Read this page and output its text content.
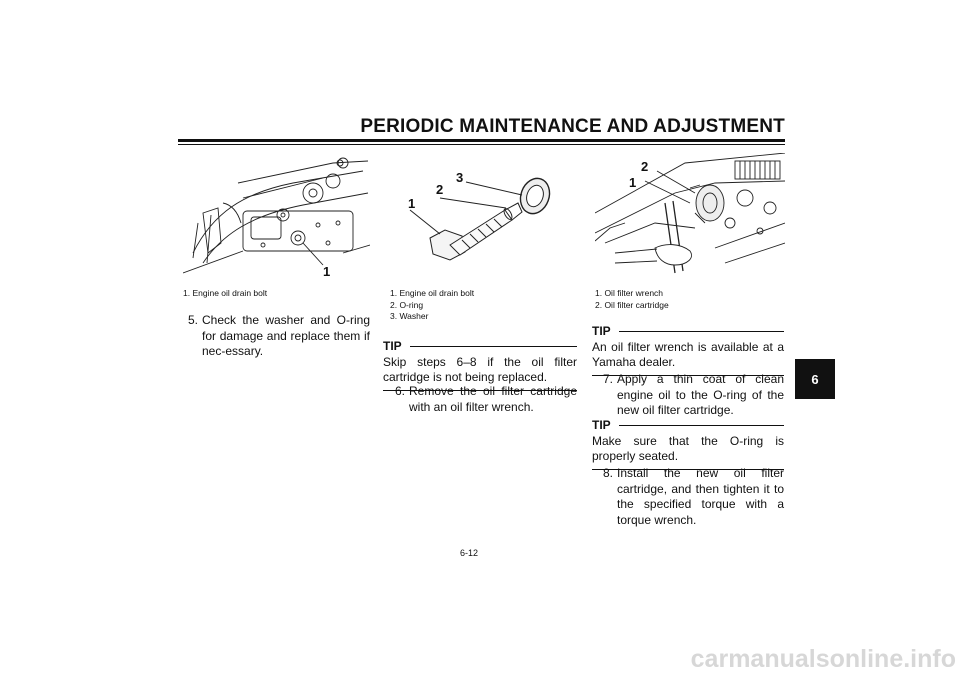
PERIODIC MAINTENANCE AND ADJUSTMENT
6
1
1. Engine oil drain bolt
1
2
3
1. Engine oil drain bolt
2. O-ring
3. Washer
1
2
1. Oil filter wrench
2. Oil filter cartridge
5. Check the washer and O-ring for damage and replace them if nec-essary.	TIP
Skip steps 6–8 if the oil filter cartridge is not being replaced.
6. Remove the oil filter cartridge with an oil filter wrench.
TIP
An oil filter wrench is available at a Yamaha dealer.
7. Apply a thin coat of clean engine oil to the O-ring of the new oil filter cartridge.
TIP
Make sure that the O-ring is properly seated.
8. Install the new oil filter cartridge, and then tighten it to the specified torque with a torque wrench.
6-12
carmanualsonline.info
